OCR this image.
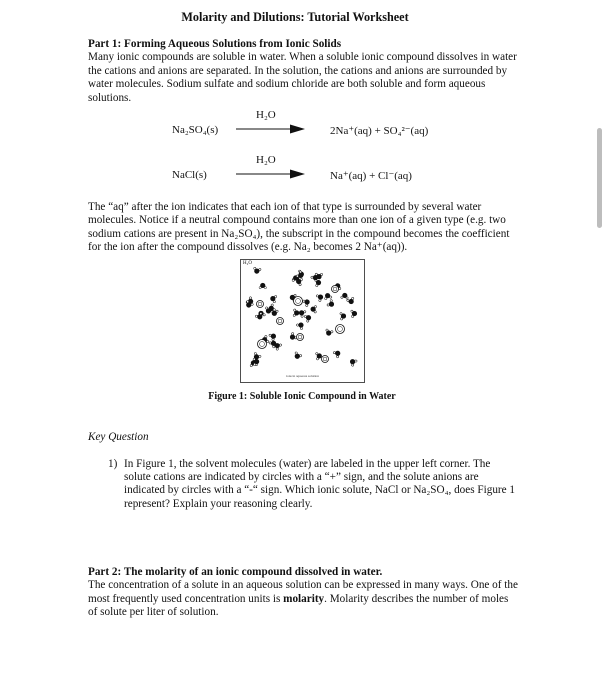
Molarity and Dilutions: Tutorial Worksheet
Part 1: Forming Aqueous Solutions from Ionic Solids
Many ionic compounds are soluble in water. When a soluble ionic compound dissolves in water the cations and anions are separated. In the solution, the cations and anions are surrounded by water molecules. Sodium sulfate and sodium chloride are both soluble and form aqueous solutions.
Na₂SO₄(s)
H₂O
2Na⁺(aq) + SO₄²⁻(aq)
NaCl(s)
H₂O
Na⁺(aq) + Cl⁻(aq)
The “aq” after the ion indicates that each ion of that type is surrounded by several water molecules. Notice if a neutral compound contains more than one ion of a given type (e.g. two sodium cations are present in Na₂SO₄), the subscript in the compound becomes the coefficient for the ion after the compound dissolves (e.g. Na₂ becomes 2 Na⁺(aq)).
H₂O
ions in aqueous solution
Figure 1: Soluble Ionic Compound in Water
Key Question
1) In Figure 1, the solvent molecules (water) are labeled in the upper left corner. The solute cations are indicated by circles with a “+” sign, and the solute anions are indicated by circles with a “-“ sign. Which ionic solute, NaCl or Na₂SO₄, does Figure 1 represent? Explain your reasoning clearly.
Part 2: The molarity of an ionic compound dissolved in water.
The concentration of a solute in an aqueous solution can be expressed in many ways. One of the most frequently used concentration units is molarity. Molarity describes the number of moles of solute per liter of solution.
